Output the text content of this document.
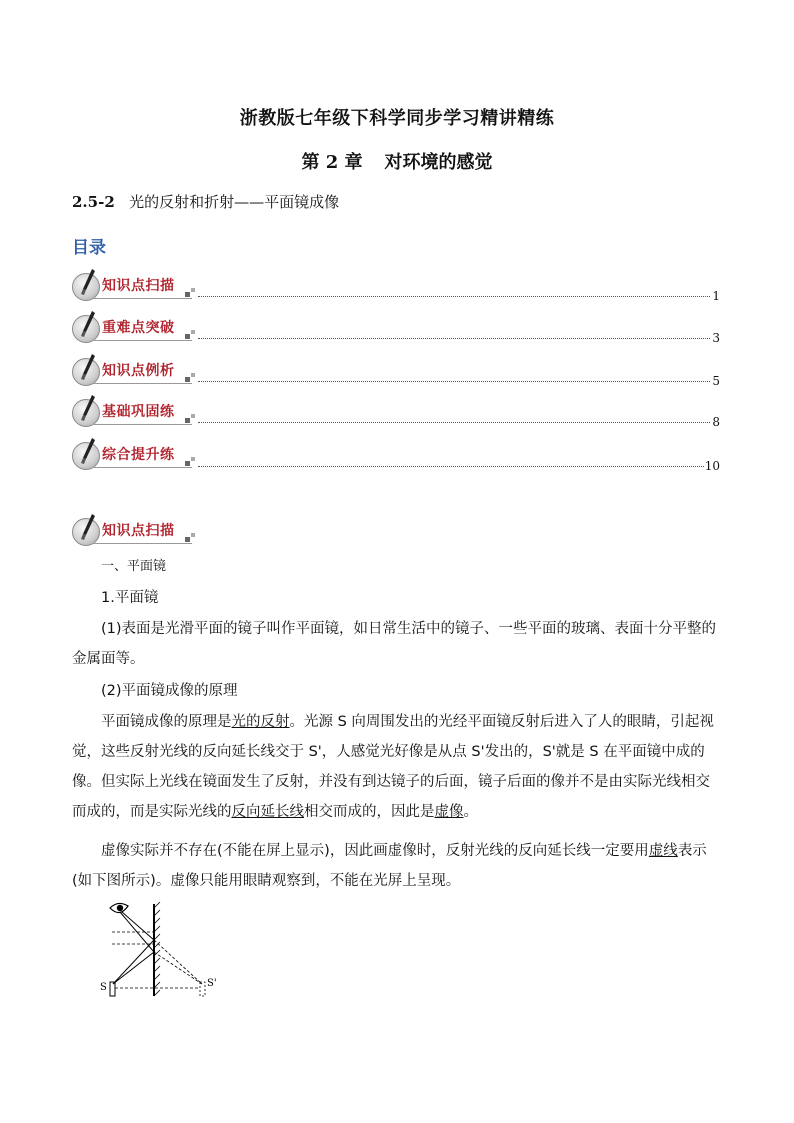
浙教版七年级下科学同步学习精讲精练
第 2 章 对环境的感觉
2.5-2 光的反射和折射——平面镜成像
目录
知识点扫描
1
重难点突破
3
知识点例析
5
基础巩固练
8
综合提升练
10
知识点扫描
一、平面镜
1.平面镜
(1)表面是光滑平面的镜子叫作平面镜，如日常生活中的镜子、一些平面的玻璃、表面十分平整的金属面等。
(2)平面镜成像的原理
平面镜成像的原理是光的反射。光源 S 向周围发出的光经平面镜反射后进入了人的眼睛，引起视觉，这些反射光线的反向延长线交于 S'，人感觉光好像是从点 S'发出的，S'就是 S 在平面镜中成的像。但实际上光线在镜面发生了反射，并没有到达镜子的后面，镜子后面的像并不是由实际光线相交而成的，而是实际光线的反向延长线相交而成的，因此是虚像。
虚像实际并不存在(不能在屏上显示)，因此画虚像时，反射光线的反向延长线一定要用虚线表示(如下图所示)。虚像只能用眼睛观察到，不能在光屏上呈现。
S	S'
